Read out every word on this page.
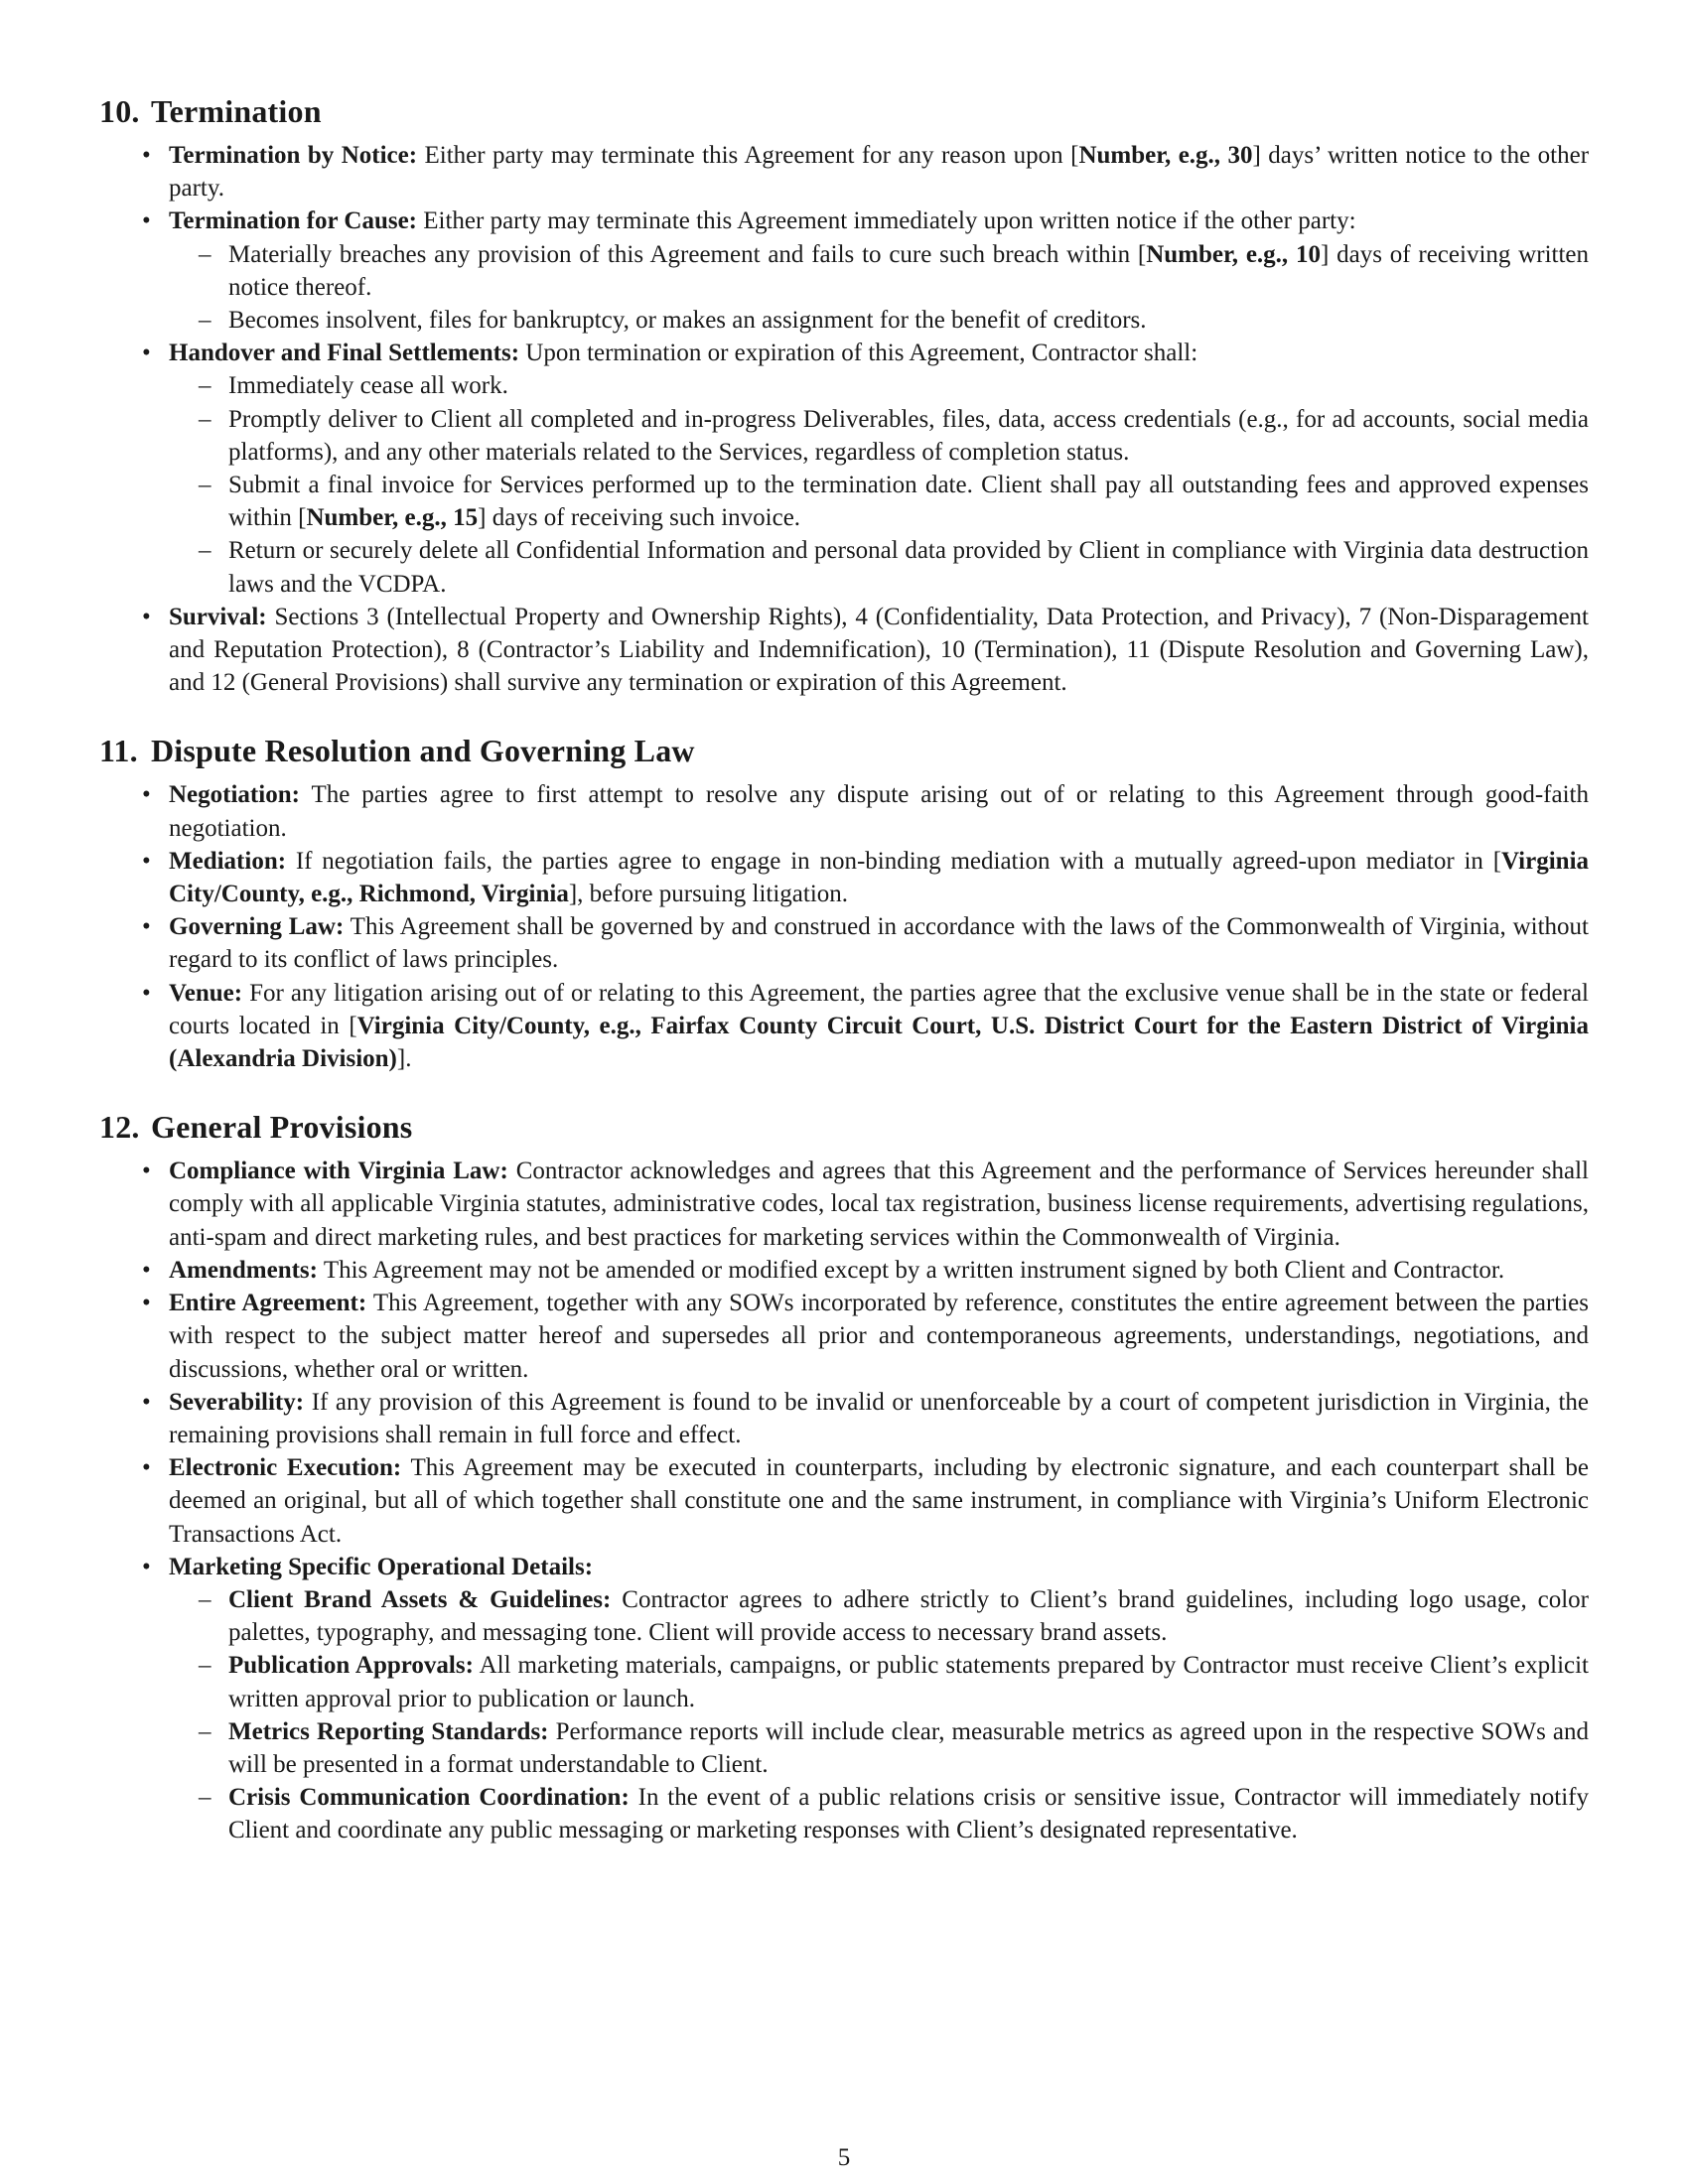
10. Termination
• Termination by Notice: Either party may terminate this Agreement for any reason upon [Number, e.g., 30] days’ written notice to the other party.
• Termination for Cause: Either party may terminate this Agreement immediately upon written notice if the other party:
– Materially breaches any provision of this Agreement and fails to cure such breach within [Number, e.g., 10] days of receiving written notice thereof.
– Becomes insolvent, files for bankruptcy, or makes an assignment for the benefit of creditors.
• Handover and Final Settlements: Upon termination or expiration of this Agreement, Contractor shall:
– Immediately cease all work.
– Promptly deliver to Client all completed and in-progress Deliverables, files, data, access credentials (e.g., for ad accounts, social media platforms), and any other materials related to the Services, regardless of completion status.
– Submit a final invoice for Services performed up to the termination date. Client shall pay all outstanding fees and approved expenses within [Number, e.g., 15] days of receiving such invoice.
– Return or securely delete all Confidential Information and personal data provided by Client in compliance with Virginia data destruction laws and the VCDPA.
• Survival: Sections 3 (Intellectual Property and Ownership Rights), 4 (Confidentiality, Data Protection, and Privacy), 7 (Non-Disparagement and Reputation Protection), 8 (Contractor’s Liability and Indemnification), 10 (Termination), 11 (Dispute Resolution and Governing Law), and 12 (General Provisions) shall survive any termination or expiration of this Agreement.
11. Dispute Resolution and Governing Law
• Negotiation: The parties agree to first attempt to resolve any dispute arising out of or relating to this Agreement through good-faith negotiation.
• Mediation: If negotiation fails, the parties agree to engage in non-binding mediation with a mutually agreed-upon mediator in [Virginia City/County, e.g., Richmond, Virginia], before pursuing litigation.
• Governing Law: This Agreement shall be governed by and construed in accordance with the laws of the Commonwealth of Virginia, without regard to its conflict of laws principles.
• Venue: For any litigation arising out of or relating to this Agreement, the parties agree that the exclusive venue shall be in the state or federal courts located in [Virginia City/County, e.g., Fairfax County Circuit Court, U.S. District Court for the Eastern District of Virginia (Alexandria Division)].
12. General Provisions
• Compliance with Virginia Law: Contractor acknowledges and agrees that this Agreement and the performance of Services hereunder shall comply with all applicable Virginia statutes, administrative codes, local tax registration, business license requirements, advertising regulations, anti-spam and direct marketing rules, and best practices for marketing services within the Commonwealth of Virginia.
• Amendments: This Agreement may not be amended or modified except by a written instrument signed by both Client and Contractor.
• Entire Agreement: This Agreement, together with any SOWs incorporated by reference, constitutes the entire agreement between the parties with respect to the subject matter hereof and supersedes all prior and contemporaneous agreements, understandings, negotiations, and discussions, whether oral or written.
• Severability: If any provision of this Agreement is found to be invalid or unenforceable by a court of competent jurisdiction in Virginia, the remaining provisions shall remain in full force and effect.
• Electronic Execution: This Agreement may be executed in counterparts, including by electronic signature, and each counterpart shall be deemed an original, but all of which together shall constitute one and the same instrument, in compliance with Virginia’s Uniform Electronic Transactions Act.
• Marketing Specific Operational Details:
– Client Brand Assets & Guidelines: Contractor agrees to adhere strictly to Client’s brand guidelines, including logo usage, color palettes, typography, and messaging tone. Client will provide access to necessary brand assets.
– Publication Approvals: All marketing materials, campaigns, or public statements prepared by Contractor must receive Client’s explicit written approval prior to publication or launch.
– Metrics Reporting Standards: Performance reports will include clear, measurable metrics as agreed upon in the respective SOWs and will be presented in a format understandable to Client.
– Crisis Communication Coordination: In the event of a public relations crisis or sensitive issue, Contractor will immediately notify Client and coordinate any public messaging or marketing responses with Client’s designated representative.
5
